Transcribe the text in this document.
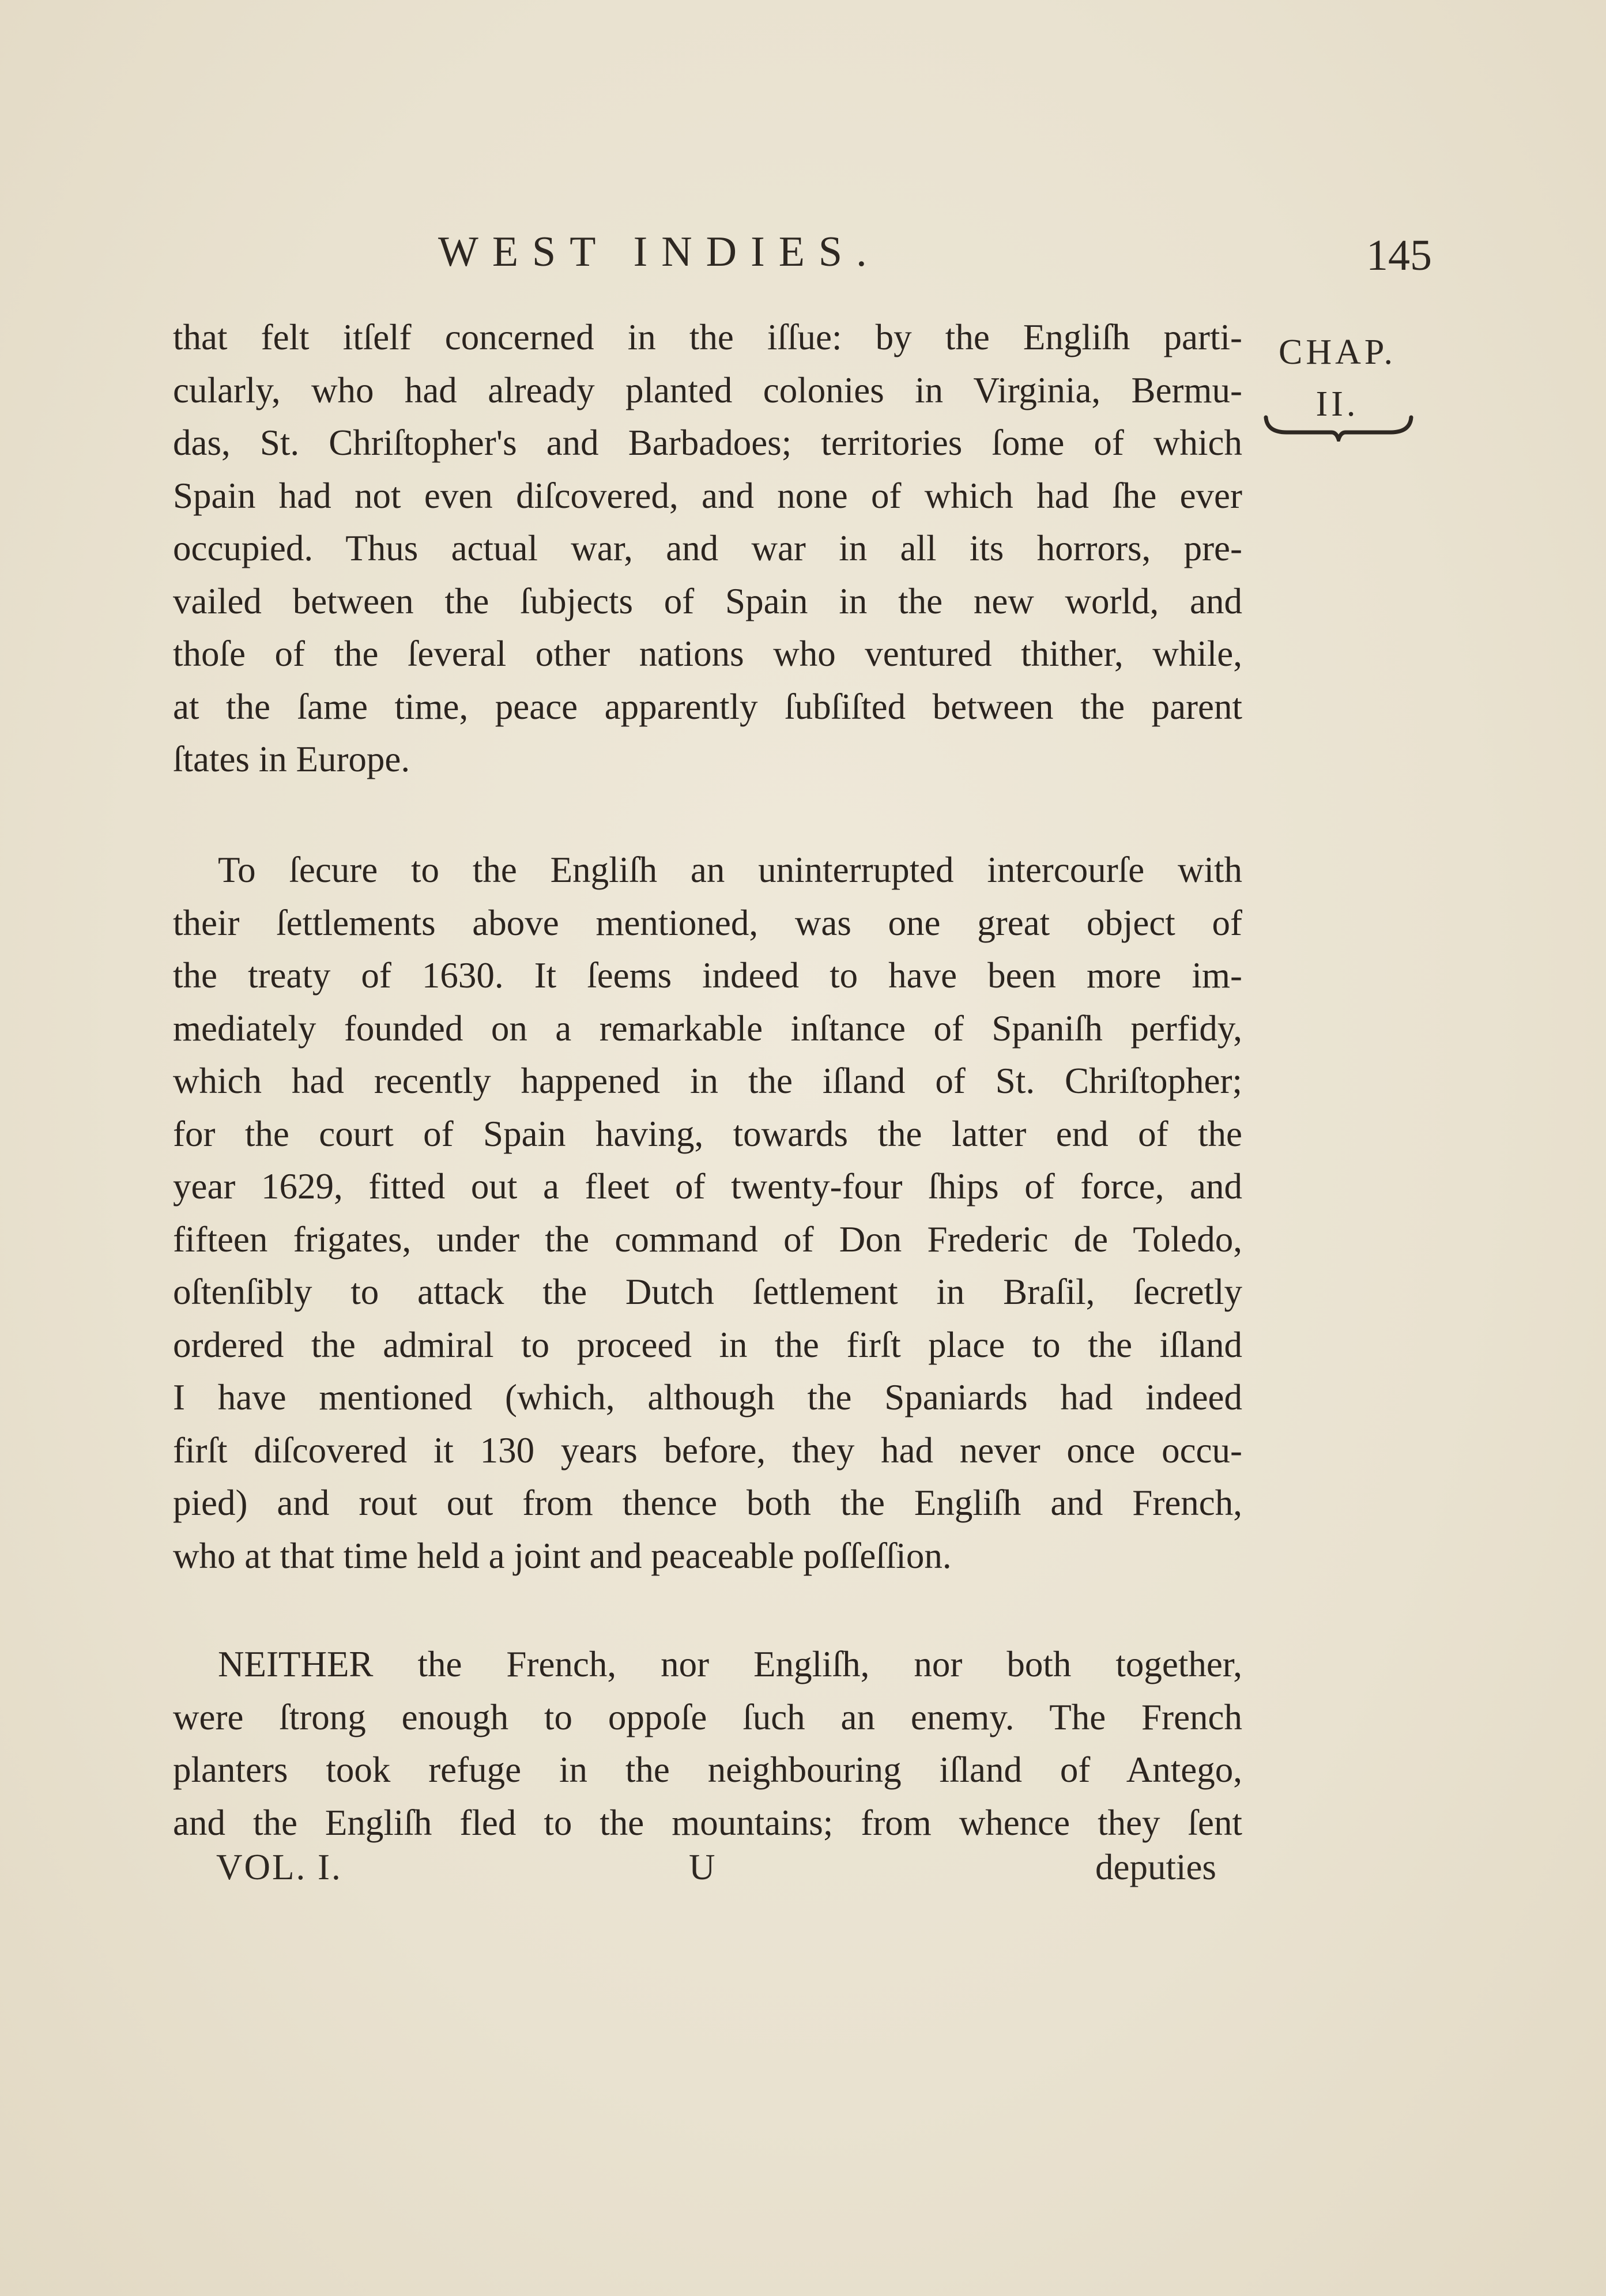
WEST INDIES.	145
CHAP.
II.
that felt itſelf concerned in the iſſue: by the Engliſh parti-
cularly, who had already planted colonies in Virginia, Bermu-
das, St. Chriſtopher's and Barbadoes; territories ſome of which
Spain had not even diſcovered, and none of which had ſhe ever
occupied. Thus actual war, and war in all its horrors, pre-
vailed between the ſubjects of Spain in the new world, and
thoſe of the ſeveral other nations who ventured thither, while,
at the ſame time, peace apparently ſubſiſted between the parent
ſtates in Europe.
To ſecure to the Engliſh an uninterrupted intercourſe with
their ſettlements above mentioned, was one great object of
the treaty of 1630. It ſeems indeed to have been more im-
mediately founded on a remarkable inſtance of Spaniſh perfidy,
which had recently happened in the iſland of St. Chriſtopher;
for the court of Spain having, towards the latter end of the
year 1629, fitted out a fleet of twenty-four ſhips of force, and
fifteen frigates, under the command of Don Frederic de Toledo,
oſtenſibly to attack the Dutch ſettlement in Braſil, ſecretly
ordered the admiral to proceed in the firſt place to the iſland
I have mentioned (which, although the Spaniards had indeed
firſt diſcovered it 130 years before, they had never once occu-
pied) and rout out from thence both the Engliſh and French,
who at that time held a joint and peaceable poſſeſſion.
NEITHER the French, nor Engliſh, nor both together,
were ſtrong enough to oppoſe ſuch an enemy. The French
planters took refuge in the neighbouring iſland of Antego,
and the Engliſh fled to the mountains; from whence they ſent
VOL. I.	U	deputies
